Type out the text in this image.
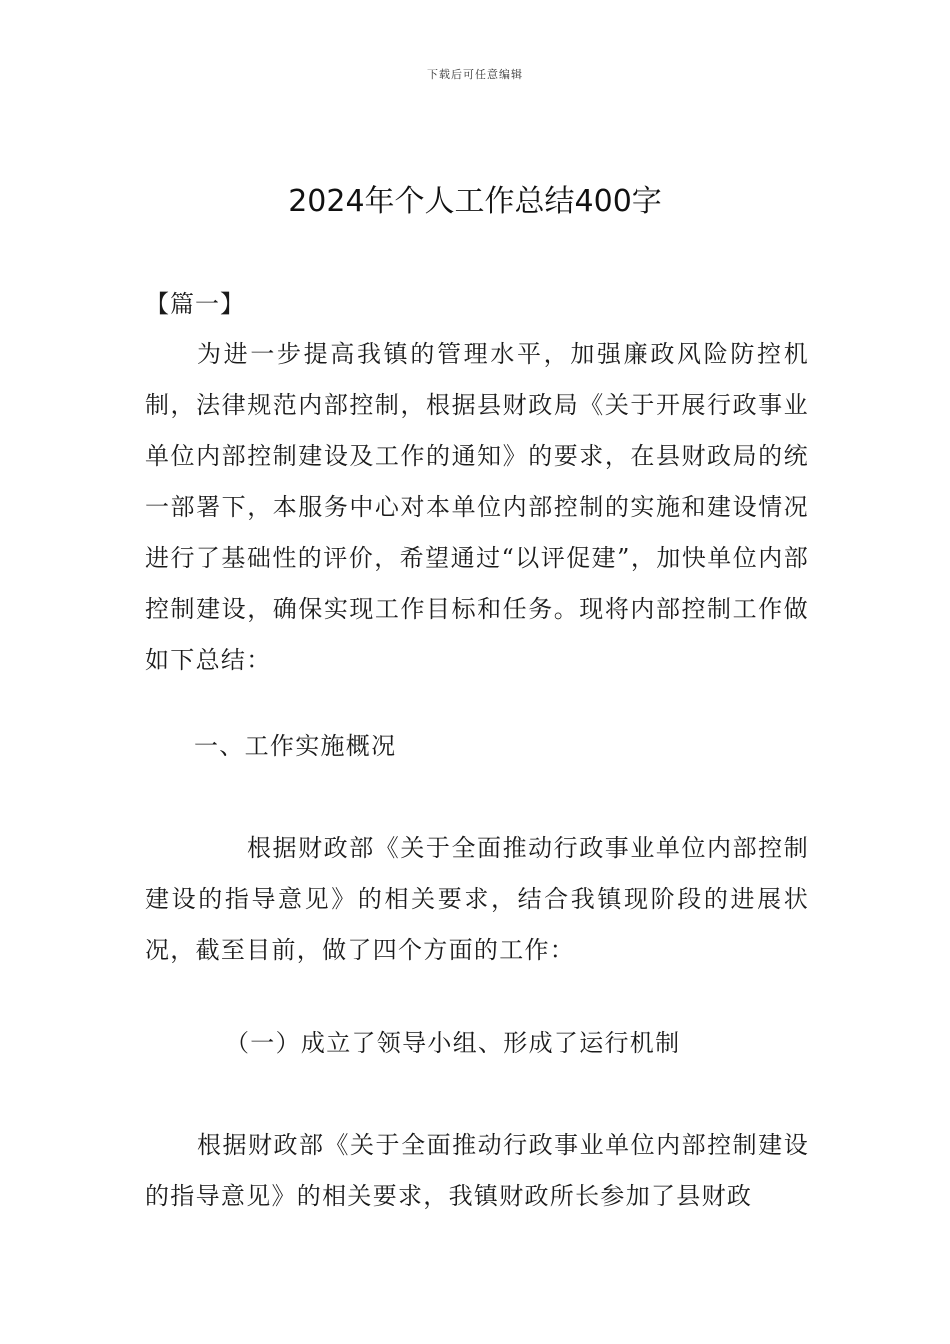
下载后可任意编辑
2024年个人工作总结400字
【篇一】

为进一步提高我镇的管理水平，加强廉政风险防控机制，法律规范内部控制，根据县财政局《关于开展行政事业单位内部控制建设及工作的通知》的要求，在县财政局的统一部署下，本服务中心对本单位内部控制的实施和建设情况进行了基础性的评价，希望通过“以评促建”，加快单位内部控制建设，确保实现工作目标和任务。现将内部控制工作做如下总结：

一、工作实施概况

根据财政部《关于全面推动行政事业单位内部控制建设的指导意见》的相关要求，结合我镇现阶段的进展状况，截至目前，做了四个方面的工作：

（一）成立了领导小组、形成了运行机制

根据财政部《关于全面推动行政事业单位内部控制建设的指导意见》的相关要求，我镇财政所长参加了县财政
